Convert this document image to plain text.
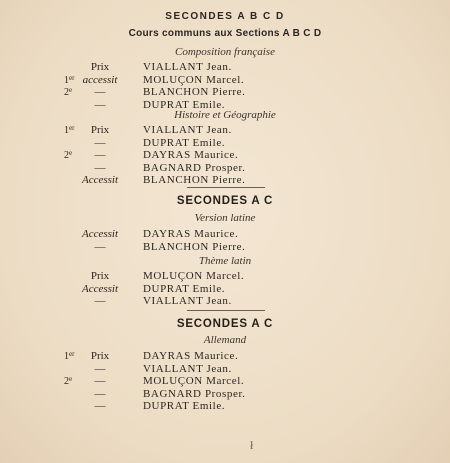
SECONDES A B C D
Cours communs aux Sections A B C D
Composition française
Prix	VIALLANT Jean.
1er accessit	MOLUÇON Marcel.
2e	—	BLANCHON Pierre.
—	DUPRAT Emile.
Histoire et Géographie
1er	Prix	VIALLANT Jean.
—	DUPRAT Emile.
2e	—	DAYRAS Maurice.
—	BAGNARD Prosper.
Accessit	BLANCHON Pierre.
SECONDES A C
Version latine
Accessit	DAYRAS Maurice.
—	BLANCHON Pierre.
Thème latin
Prix	MOLUÇON Marcel.
Accessit	DUPRAT Emile.
—	VIALLANT Jean.
SECONDES A C
Allemand
1er	Prix	DAYRAS Maurice.
—	VIALLANT Jean.
2e	—	MOLUÇON Marcel.
—	BAGNARD Prosper.
—	DUPRAT Emile.
ł
